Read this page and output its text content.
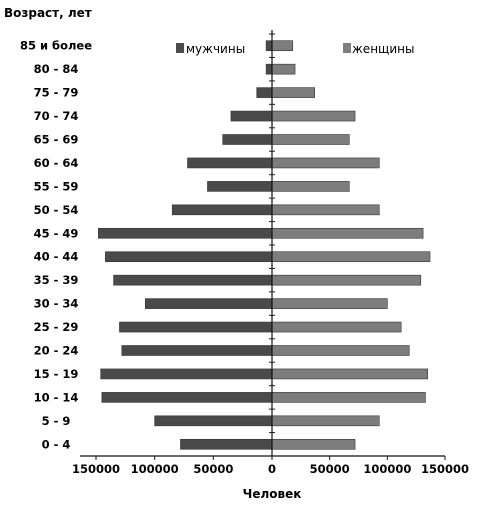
Возраст, лет
Человек
мужчины	женщины
85 и более
80 - 84
75 - 79
70 - 74
65 - 69
60 - 64
55 - 59
50 - 54
45 - 49
40 - 44
35 - 39
30 - 34
25 - 29
20 - 24
15 - 19
10 - 14
5 - 9
0 - 4
150000 100000 50000	0	50000 100000 150000
